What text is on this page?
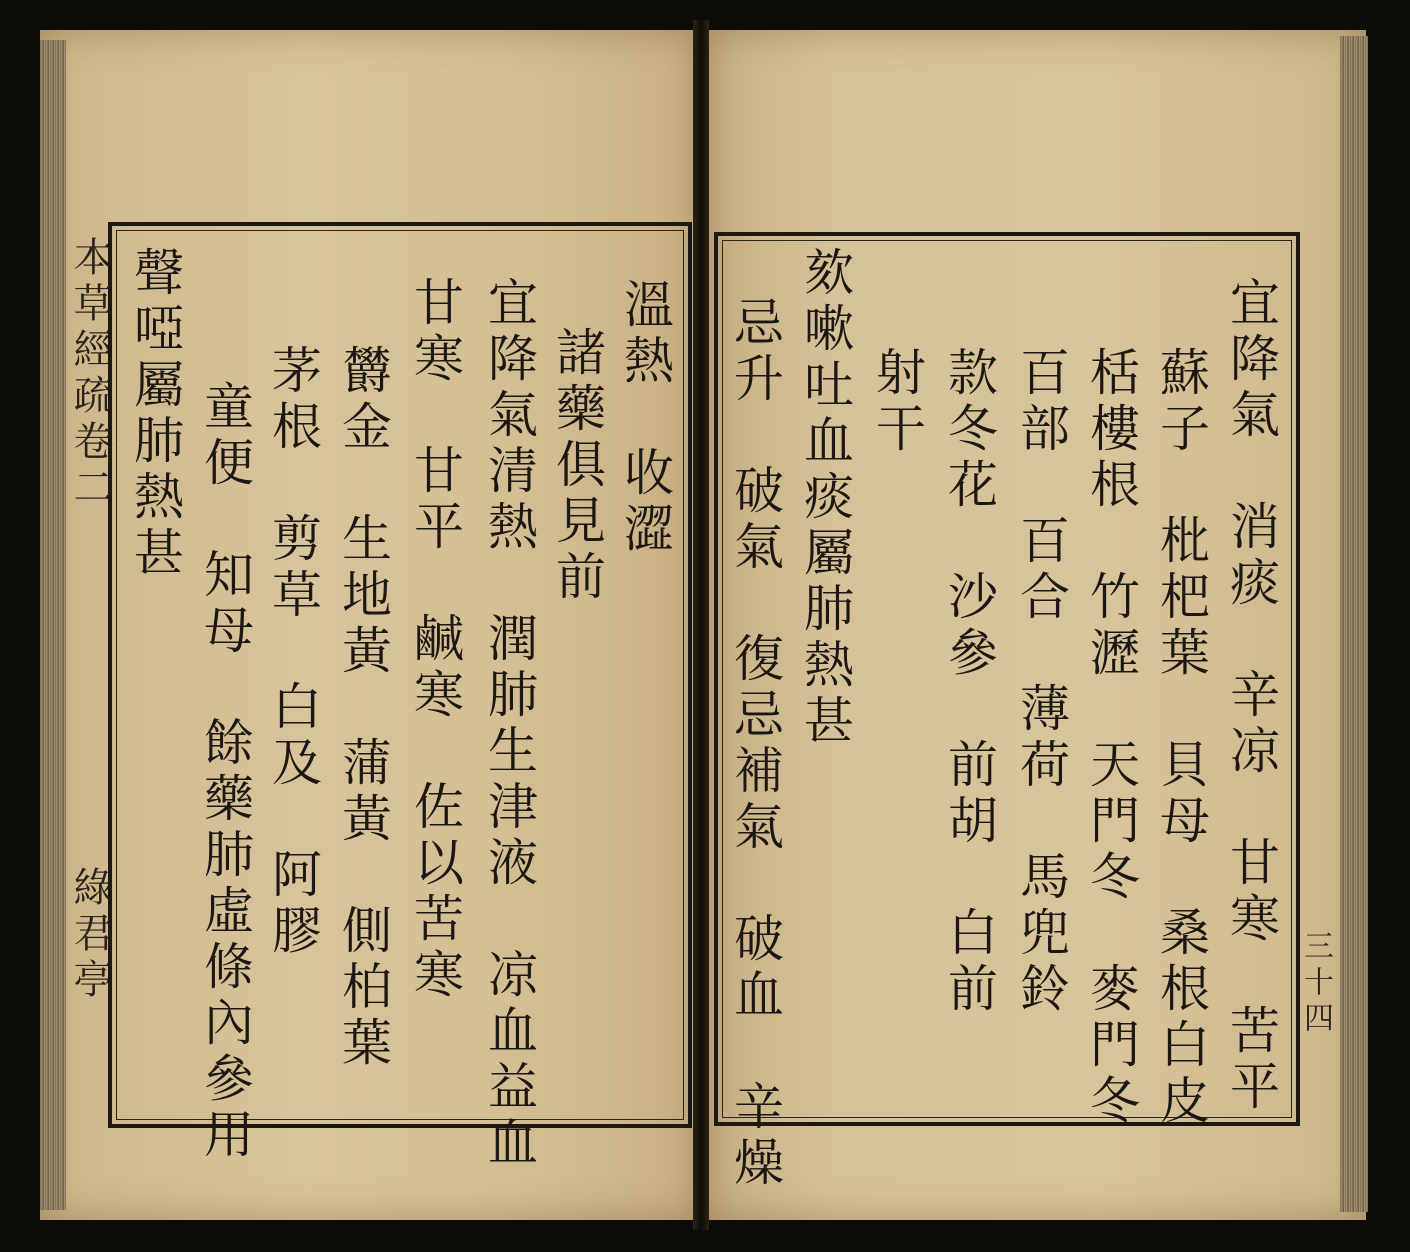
本草經疏卷二
綠君亭
溫熱　收澀
諸藥俱見前
宜降氣清熱　潤肺生津液　凉血益血
甘寒　甘平　鹹寒　佐以苦寒
欝金　生地黃　蒲黃　側柏葉
茅根　剪草　白及　阿膠
童便　知母　餘藥肺虛條內參用
聲啞屬肺熱甚	宜降氣　消痰　辛凉　甘寒　苦平
蘇子　枇杷葉　貝母　桑根白皮
栝樓根　竹瀝　天門冬　麥門冬
百部　百合　薄荷　馬兜鈴
款冬花　沙參　前胡　白前
射干
欬嗽吐血痰屬肺熱甚
忌升　破氣　復忌補氣　破血　辛燥	三十四
